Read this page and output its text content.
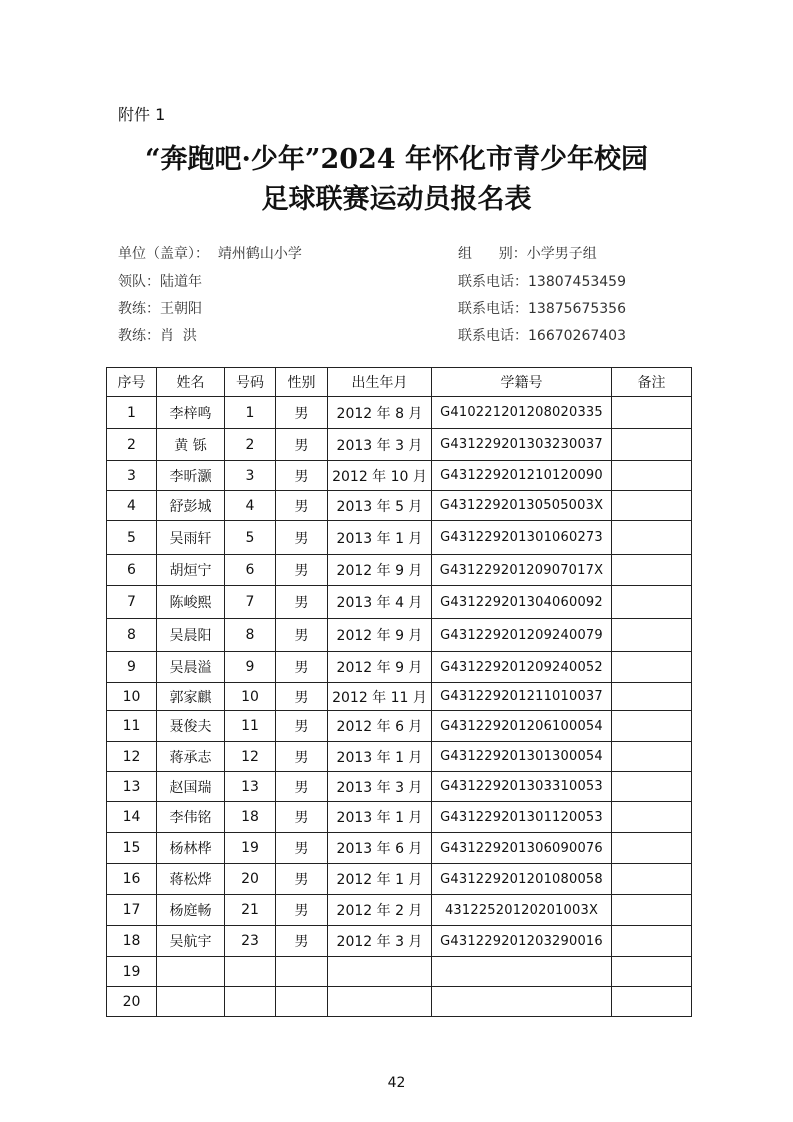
附件 1
“奔跑吧·少年”2024 年怀化市青少年校园
足球联赛运动员报名表
单位（盖章）：  靖州鹤山小学	组      别：小学男子组
领队：陆道年	联系电话：13807453459
教练：王朝阳	联系电话：13875675356
教练：肖  洪	联系电话：16670267403
序号	姓名	号码	性别	出生年月	学籍号	备注
1	李梓鸣	1	男	2012 年 8 月	G410221201208020335	
2	黄 铄	2	男	2013 年 3 月	G431229201303230037	
3	李昕灏	3	男	2012 年 10 月	G431229201210120090	
4	舒彭城	4	男	2013 年 5 月	G43122920130505003X	
5	吴雨轩	5	男	2013 年 1 月	G431229201301060273	
6	胡烜宁	6	男	2012 年 9 月	G43122920120907017X	
7	陈峻熙	7	男	2013 年 4 月	G431229201304060092	
8	吴晨阳	8	男	2012 年 9 月	G431229201209240079	
9	吴晨溢	9	男	2012 年 9 月	G431229201209240052	
10	郭家麒	10	男	2012 年 11 月	G431229201211010037	
11	聂俊夫	11	男	2012 年 6 月	G431229201206100054	
12	蒋承志	12	男	2013 年 1 月	G431229201301300054	
13	赵国瑞	13	男	2013 年 3 月	G431229201303310053	
14	李伟铭	18	男	2013 年 1 月	G431229201301120053	
15	杨林桦	19	男	2013 年 6 月	G431229201306090076	
16	蒋松烨	20	男	2012 年 1 月	G431229201201080058	
17	杨庭畅	21	男	2012 年 2 月	43122520120201003X	
18	吴航宇	23	男	2012 年 3 月	G431229201203290016	
19						
20						
42
